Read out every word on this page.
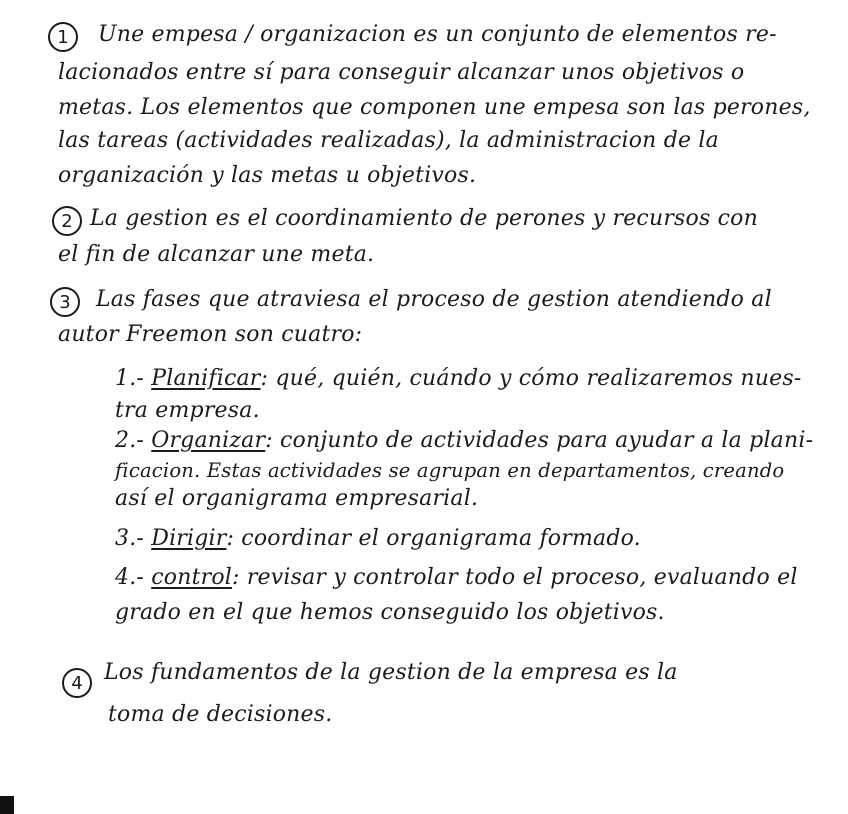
1	Une empesa / organizacion es un conjunto de elementos re-
lacionados entre sí para conseguir alcanzar unos objetivos o
metas. Los elementos que componen une empesa son las perones,
las tareas (actividades realizadas), la administracion de la
organización y las metas u objetivos.
2 La gestion es el coordinamiento de perones y recursos con
el fin de alcanzar une meta.
3	Las fases que atraviesa el proceso de gestion atendiendo al
autor Freemon son cuatro:
1.- Planificar: qué, quién, cuándo y cómo realizaremos nues-
tra empresa.
2.- Organizar: conjunto de actividades para ayudar a la plani-
ficacion. Estas actividades se agrupan en departamentos, creando
así el organigrama empresarial.
3.- Dirigir: coordinar el organigrama formado.
4.- control: revisar y controlar todo el proceso, evaluando el
grado en el que hemos conseguido los objetivos.
4 Los fundamentos de la gestion de la empresa es la
toma de decisiones.
